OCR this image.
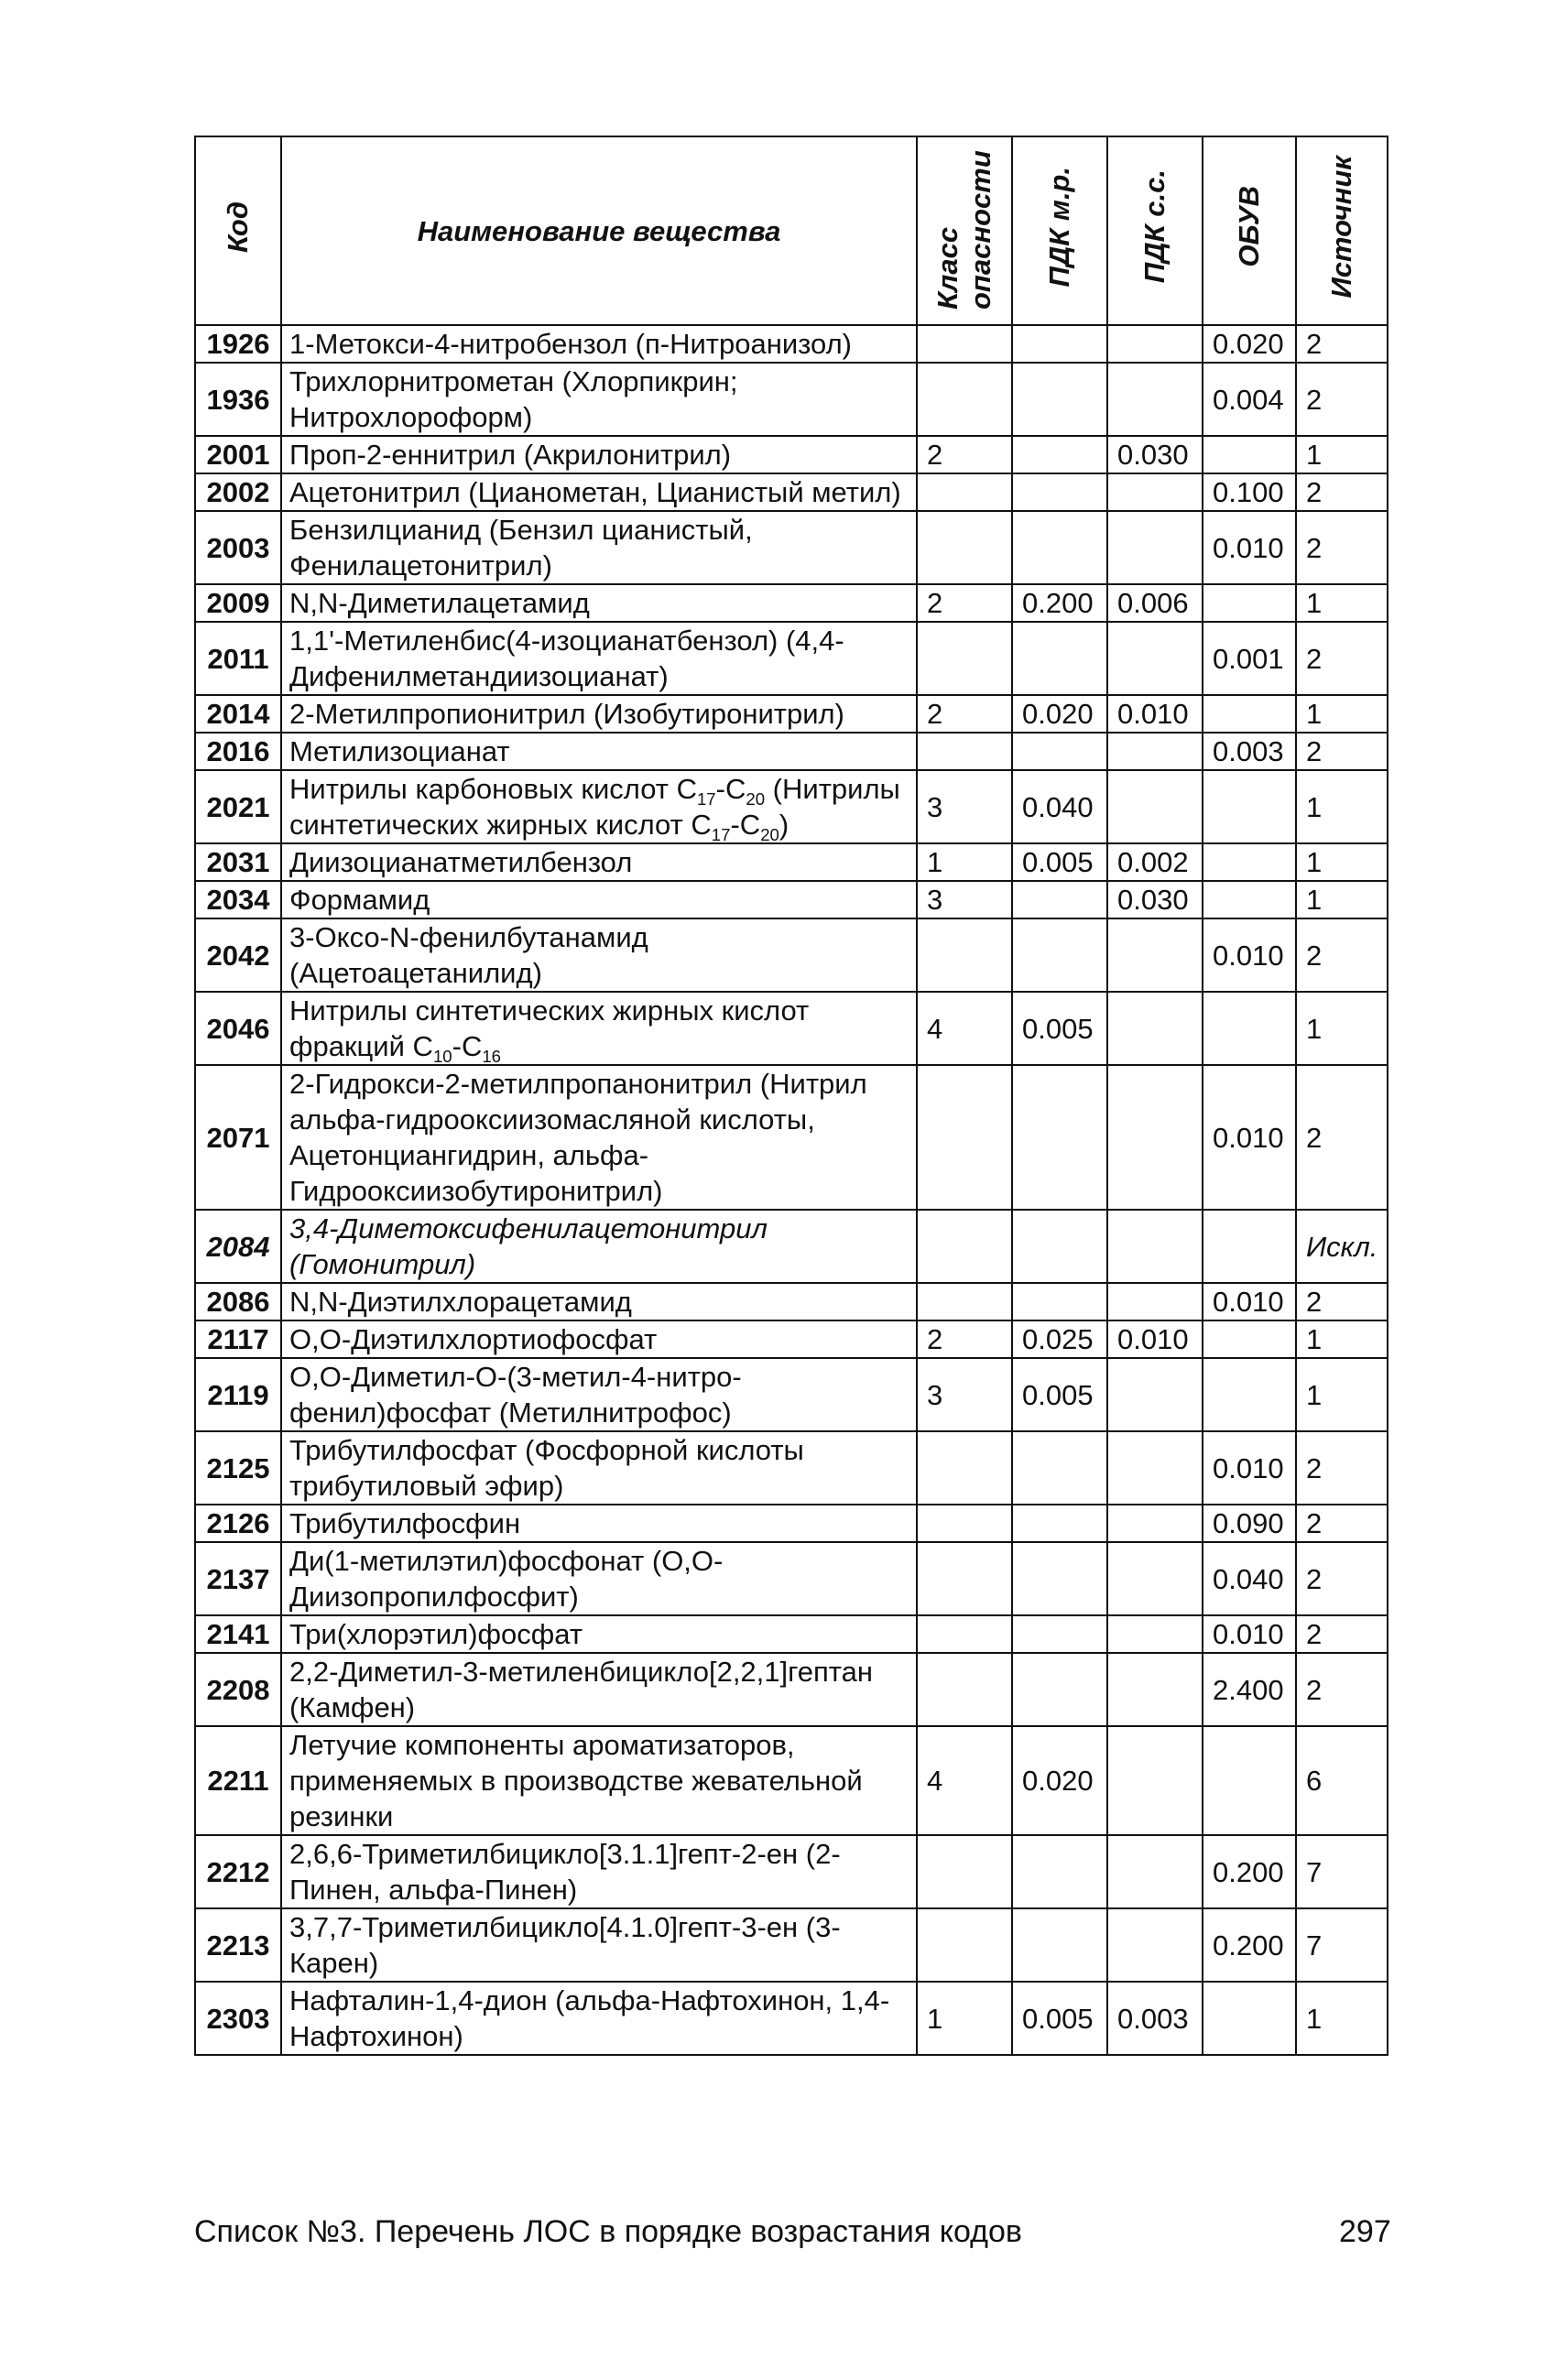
Код	Наименование вещества	Класс опасности	ПДК м.р.	ПДК с.с.	ОБУВ	Источник
1926	1-Метокси-4-нитробензол (п-Нитроанизол)				0.020	2
1936	Трихлорнитрометан (Хлорпикрин; Нитрохлороформ)				0.004	2
2001	Проп-2-еннитрил (Акрилонитрил)	2		0.030		1
2002	Ацетонитрил (Цианометан, Цианистый метил)				0.100	2
2003	Бензилцианид (Бензил цианистый, Фенилацетонитрил)				0.010	2
2009	N,N-Диметилацетамид	2	0.200	0.006		1
2011	1,1'-Метиленбис(4-изоцианатбензол) (4,4-Дифенилметандиизоцианат)				0.001	2
2014	2-Метилпропионитрил (Изобутиронитрил)	2	0.020	0.010		1
2016	Метилизоцианат				0.003	2
2021	Нитрилы карбоновых кислот $C_{17}-C_{20}$ (Нитрилы синтетических жирных кислот $C_{17}-C_{20}$)	3	0.040			1
2031	Диизоцианатметилбензол	1	0.005	0.002		1
2034	Формамид	3		0.030		1
2042	3-Оксо-N-фенилбутанамид (Ацетоацетанилид)				0.010	2
2046	Нитрилы синтетических жирных кислот фракций $C_{10}-C_{16}$	4	0.005			1
2071	2-Гидрокси-2-метилпропанонитрил (Нитрил альфа-гидрооксиизомасляной кислоты, Ацетонциангидрин, альфа-Гидрооксиизобутиронитрил)				0.010	2
2084	3,4-Диметоксифенилацетонитрил (Гомонитрил)					Искл.
2086	N,N-Диэтилхлорацетамид				0.010	2
2117	O,O-Диэтилхлортиофосфат	2	0.025	0.010		1
2119	O,O-Диметил-O-(3-метил-4-нитро-фенил)фосфат (Метилнитрофос)	3	0.005			1
2125	Трибутилфосфат (Фосфорной кислоты трибутиловый эфир)				0.010	2
2126	Трибутилфосфин				0.090	2
2137	Ди(1-метилэтил)фосфонат (O,O-Диизопропилфосфит)				0.040	2
2141	Три(хлорэтил)фосфат				0.010	2
2208	2,2-Диметил-3-метиленбицикло[2,2,1]гептан (Камфен)				2.400	2
2211	Летучие компоненты ароматизаторов, применяемых в производстве жевательной резинки	4	0.020			6
2212	2,6,6-Триметилбицикло[3.1.1]гепт-2-ен (2-Пинен, альфа-Пинен)				0.200	7
2213	3,7,7-Триметилбицикло[4.1.0]гепт-3-ен (3-Карен)				0.200	7
2303	Нафталин-1,4-дион (альфа-Нафтохинон, 1,4-Нафтохинон)	1	0.005	0.003		1
Список №3. Перечень ЛОС в порядке возрастания кодов	297
